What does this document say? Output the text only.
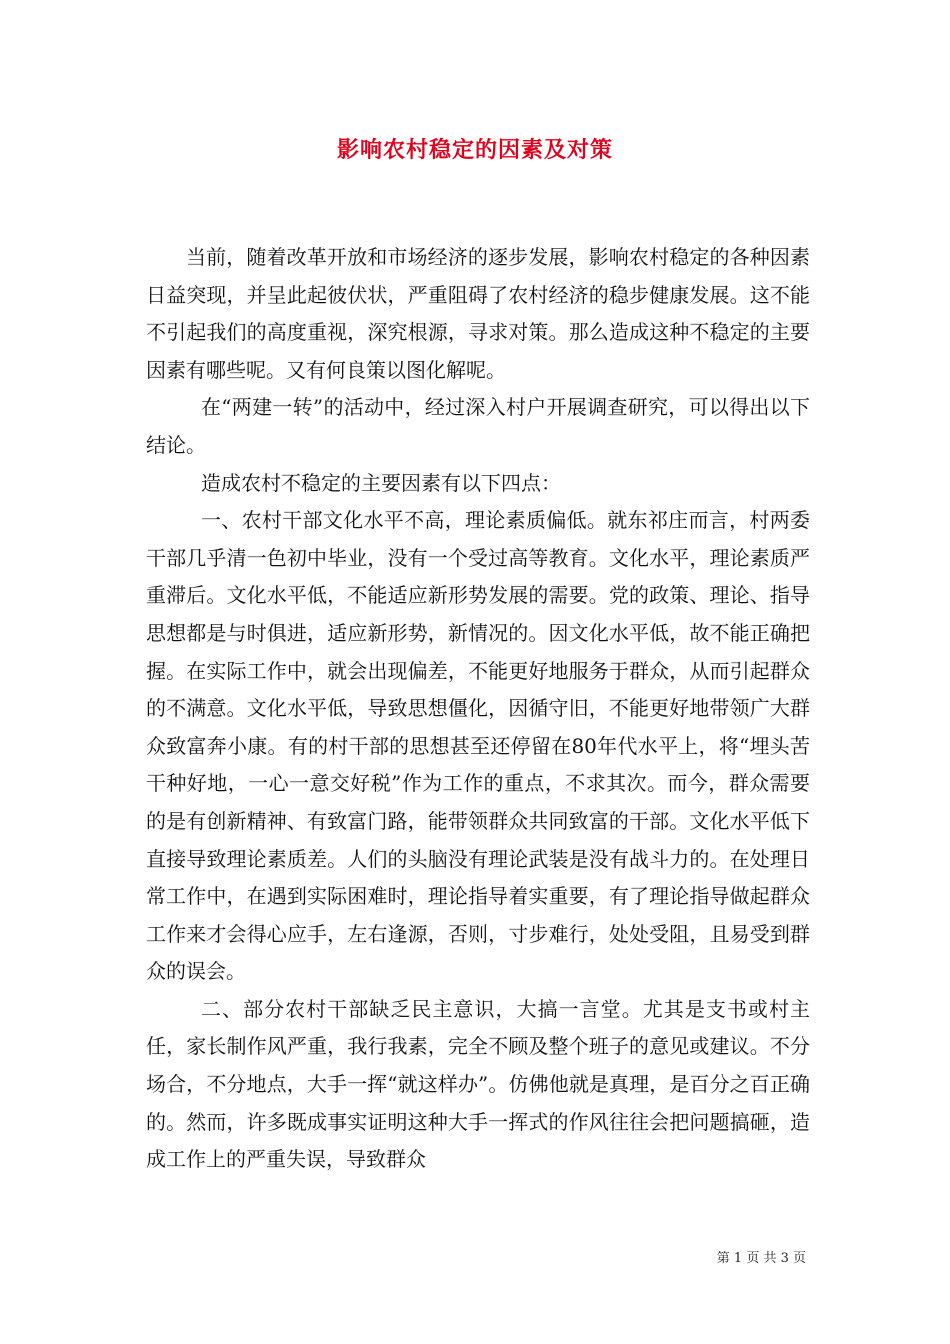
影响农村稳定的因素及对策

当前，随着改革开放和市场经济的逐步发展，影响农村稳定的各种因素日益突现，并呈此起彼伏状，严重阻碍了农村经济的稳步健康发展。这不能不引起我们的高度重视，深究根源，寻求对策。那么造成这种不稳定的主要因素有哪些呢。又有何良策以图化解呢。

在“两建一转”的活动中，经过深入村户开展调查研究，可以得出以下结论。

造成农村不稳定的主要因素有以下四点：

一、农村干部文化水平不高，理论素质偏低。就东祁庄而言，村两委干部几乎清一色初中毕业，没有一个受过高等教育。文化水平，理论素质严重滞后。文化水平低，不能适应新形势发展的需要。党的政策、理论、指导思想都是与时俱进，适应新形势，新情况的。因文化水平低，故不能正确把握。在实际工作中，就会出现偏差，不能更好地服务于群众，从而引起群众的不满意。文化水平低，导致思想僵化，因循守旧，不能更好地带领广大群众致富奔小康。有的村干部的思想甚至还停留在80年代水平上，将“埋头苦干种好地，一心一意交好税”作为工作的重点，不求其次。而今，群众需要的是有创新精神、有致富门路，能带领群众共同致富的干部。文化水平低下直接导致理论素质差。人们的头脑没有理论武装是没有战斗力的。在处理日常工作中，在遇到实际困难时，理论指导着实重要，有了理论指导做起群众工作来才会得心应手，左右逢源，否则，寸步难行，处处受阻，且易受到群众的误会。

二、部分农村干部缺乏民主意识，大搞一言堂。尤其是支书或村主任，家长制作风严重，我行我素，完全不顾及整个班子的意见或建议。不分场合，不分地点，大手一挥“就这样办”。仿佛他就是真理，是百分之百正确的。然而，许多既成事实证明这种大手一挥式的作风往往会把问题搞砸，造成工作上的严重失误，导致群众

第 1 页 共 3 页
